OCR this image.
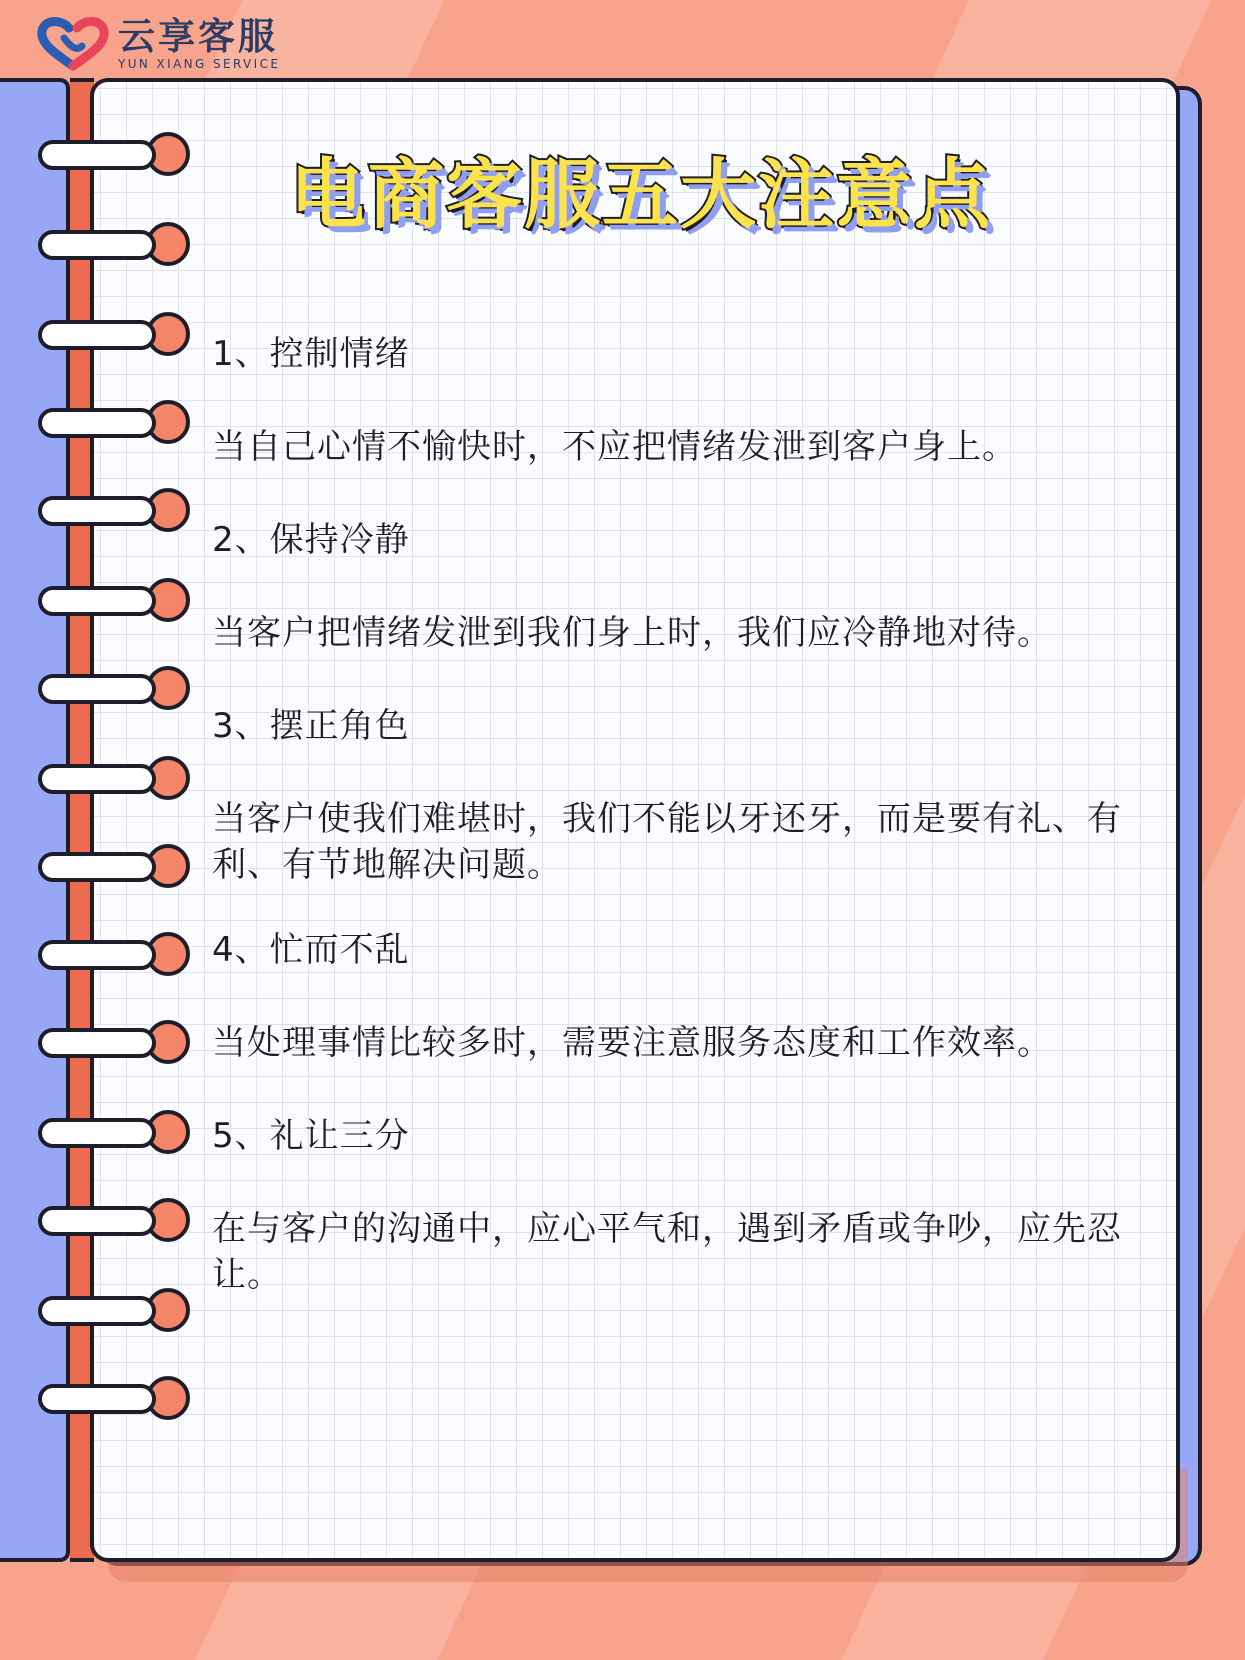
云享客服
YUN XIANG SERVICE
电商客服五大注意点
1、控制情绪
当自己心情不愉快时，不应把情绪发泄到客户身上。
2、保持冷静
当客户把情绪发泄到我们身上时，我们应冷静地对待。
3、摆正角色
当客户使我们难堪时，我们不能以牙还牙，而是要有礼、有利、有节地解决问题。
4、忙而不乱
当处理事情比较多时，需要注意服务态度和工作效率。
5、礼让三分
在与客户的沟通中，应心平气和，遇到矛盾或争吵，应先忍让。
